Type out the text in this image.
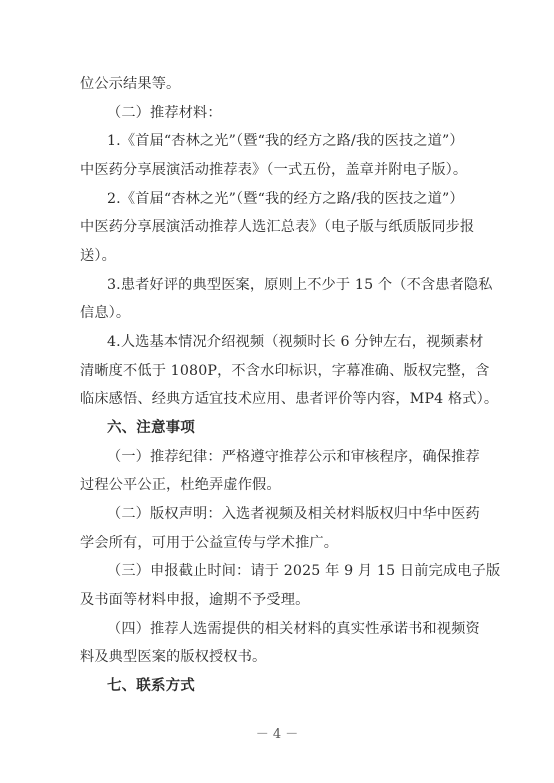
位公示结果等。
（二）推荐材料：
1.《首届“杏林之光”（暨“我的经方之路/我的医技之道”）
中医药分享展演活动推荐表》（一式五份，盖章并附电子版）。
2.《首届“杏林之光”（暨“我的经方之路/我的医技之道”）
中医药分享展演活动推荐人选汇总表》（电子版与纸质版同步报
送）。
3.患者好评的典型医案，原则上不少于 15 个（不含患者隐私
信息）。
4.人选基本情况介绍视频（视频时长 6 分钟左右，视频素材
清晰度不低于 1080P，不含水印标识，字幕准确、版权完整，含
临床感悟、经典方适宜技术应用、患者评价等内容，MP4 格式）。
六、注意事项
（一）推荐纪律：严格遵守推荐公示和审核程序，确保推荐
过程公平公正，杜绝弄虚作假。
（二）版权声明：入选者视频及相关材料版权归中华中医药
学会所有，可用于公益宣传与学术推广。
（三）申报截止时间：请于 2025 年 9 月 15 日前完成电子版
及书面等材料申报，逾期不予受理。
（四）推荐人选需提供的相关材料的真实性承诺书和视频资
料及典型医案的版权授权书。
七、联系方式
－ 4 －
